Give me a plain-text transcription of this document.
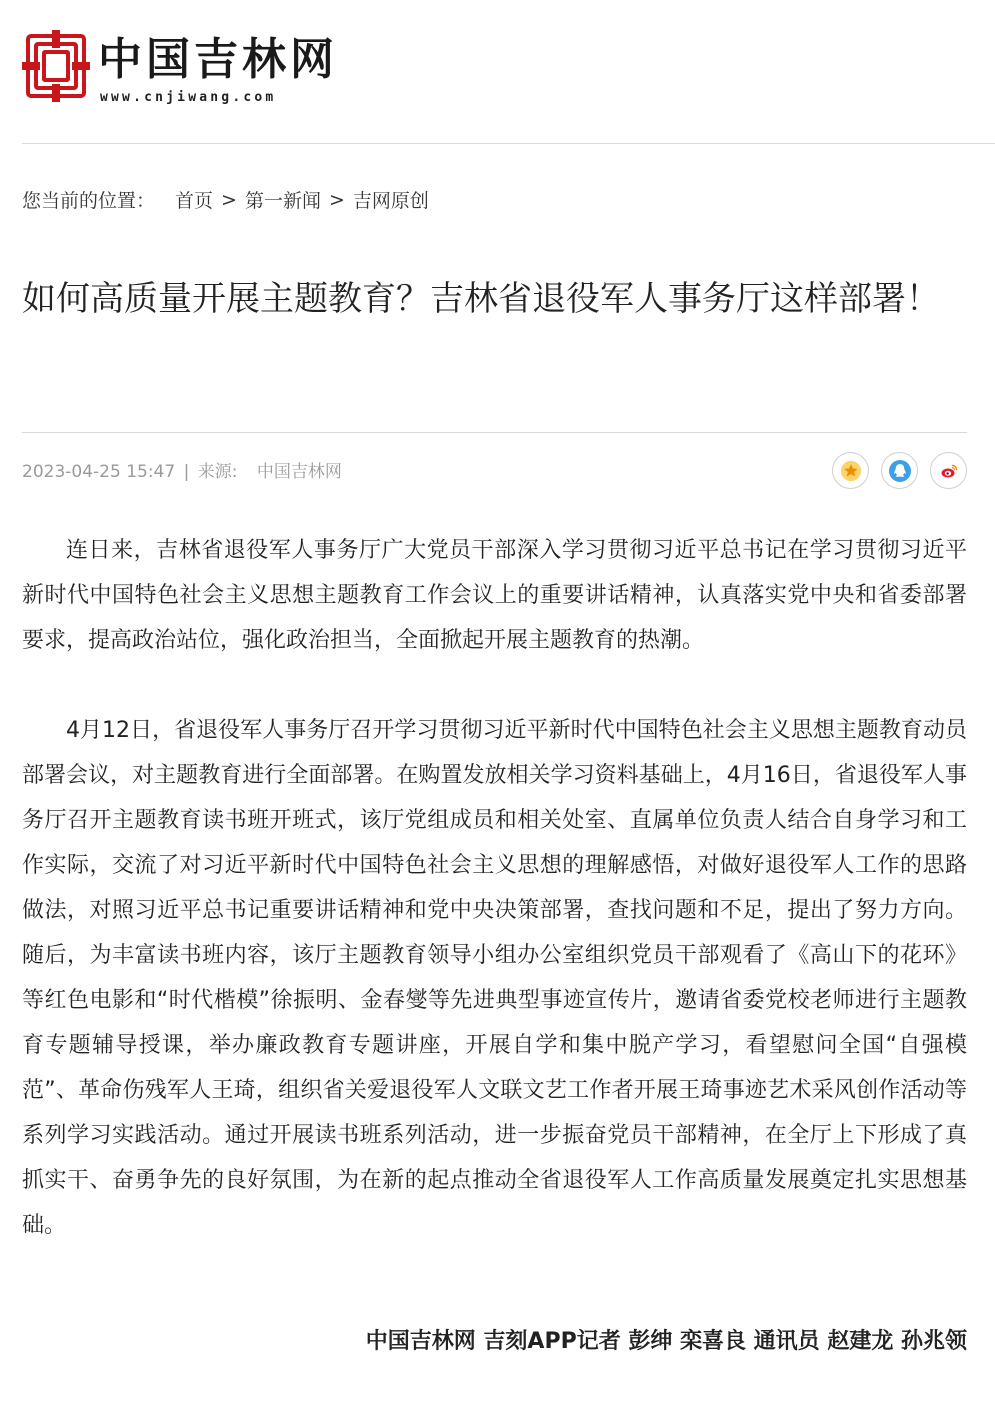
中国吉林网
www.cnjiwang.com
您当前的位置： 首页 > 第一新闻 > 吉网原创
如何高质量开展主题教育？吉林省退役军人事务厅这样部署！
2023-04-25 15:47 | 来源: 中国吉林网

连日来，吉林省退役军人事务厅广大党员干部深入学习贯彻习近平总书记在学习贯彻习近平新时代中国特色社会主义思想主题教育工作会议上的重要讲话精神，认真落实党中央和省委部署要求，提高政治站位，强化政治担当，全面掀起开展主题教育的热潮。

4月12日，省退役军人事务厅召开学习贯彻习近平新时代中国特色社会主义思想主题教育动员部署会议，对主题教育进行全面部署。在购置发放相关学习资料基础上，4月16日，省退役军人事务厅召开主题教育读书班开班式，该厅党组成员和相关处室、直属单位负责人结合自身学习和工作实际，交流了对习近平新时代中国特色社会主义思想的理解感悟，对做好退役军人工作的思路做法，对照习近平总书记重要讲话精神和党中央决策部署，查找问题和不足，提出了努力方向。随后，为丰富读书班内容，该厅主题教育领导小组办公室组织党员干部观看了《高山下的花环》等红色电影和“时代楷模”徐振明、金春燮等先进典型事迹宣传片，邀请省委党校老师进行主题教育专题辅导授课，举办廉政教育专题讲座，开展自学和集中脱产学习，看望慰问全国“自强模范”、革命伤残军人王琦，组织省关爱退役军人文联文艺工作者开展王琦事迹艺术采风创作活动等系列学习实践活动。通过开展读书班系列活动，进一步振奋党员干部精神，在全厅上下形成了真抓实干、奋勇争先的良好氛围，为在新的起点推动全省退役军人工作高质量发展奠定扎实思想基础。

中国吉林网 吉刻APP记者 彭绅 栾喜良 通讯员 赵建龙 孙兆领
